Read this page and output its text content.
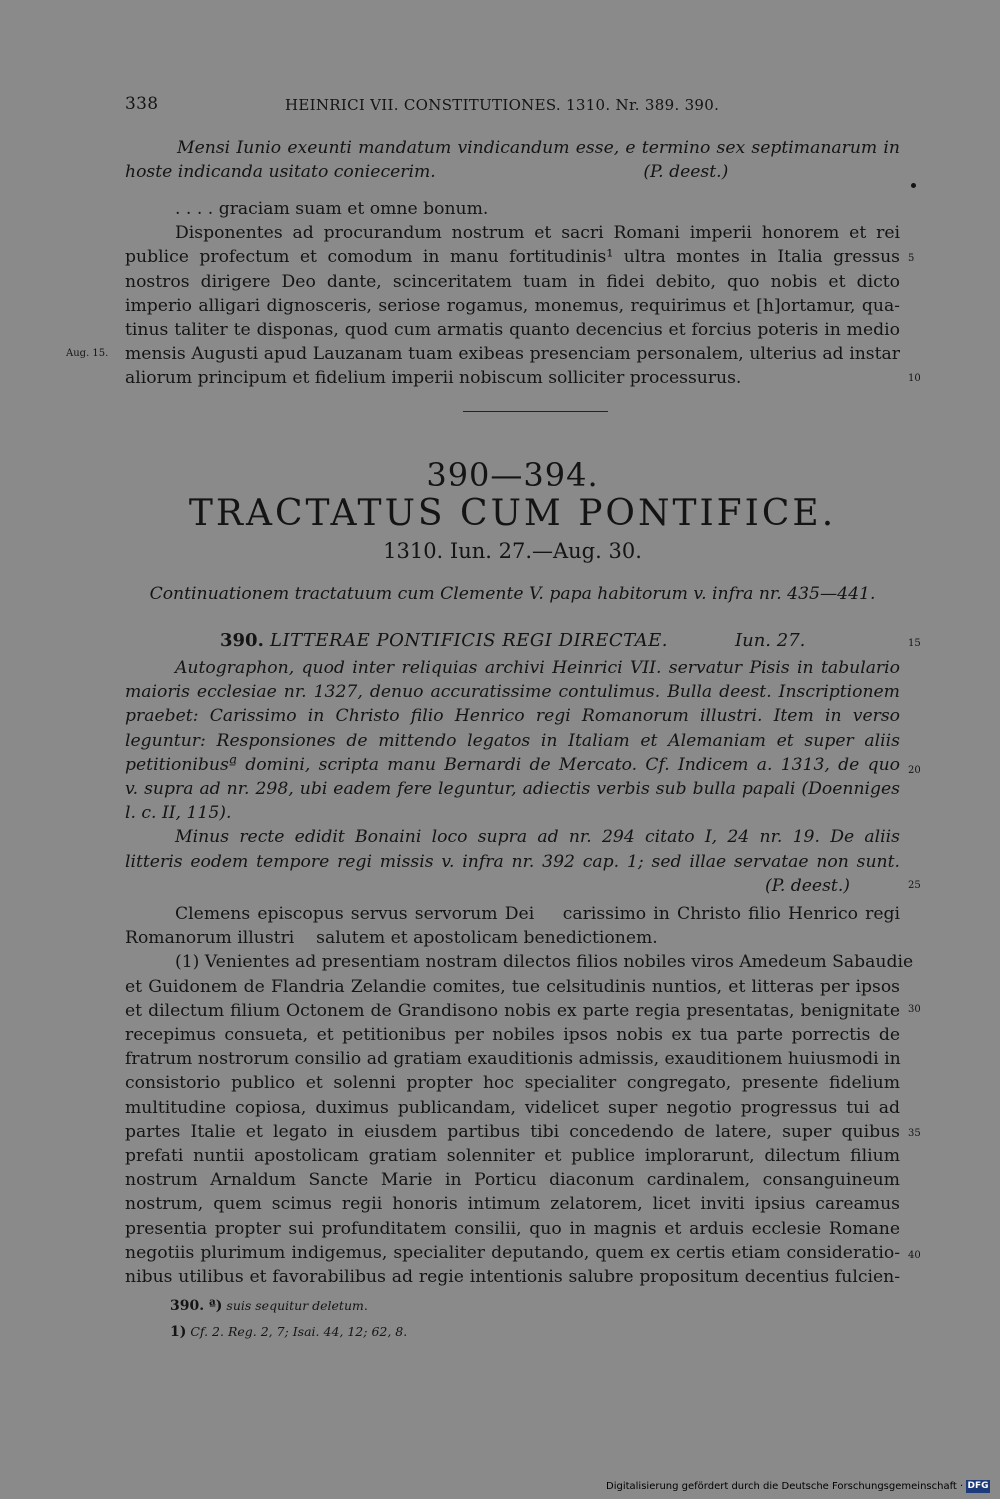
338	HEINRICI VII. CONSTITUTIONES. 1310. Nr. 389. 390.
Mensi Iunio exeunti mandatum vindicandum esse, e termino sex septimanarum in
hoste indicanda usitato coniecerim.                                      (P. deest.)
. . . . graciam suam et omne bonum.
Disponentes ad procurandum nostrum et sacri Romani imperii honorem et rei
publice profectum et comodum in manu fortitudinis¹ ultra montes in Italia gressus
nostros dirigere Deo dante, scinceritatem tuam in fidei debito, quo nobis et dicto
imperio alligari dignosceris, seriose rogamus, monemus, requirimus et [h]ortamur, qua-
tinus taliter te disponas, quod cum armatis quanto decencius et forcius poteris in medio
mensis Augusti apud Lauzanam tuam exibeas presenciam personalem, ulterius ad instar
aliorum principum et fidelium imperii nobiscum solliciter processurus.
Aug. 15.
5
10
390—394.
TRACTATUS CUM PONTIFICE.
1310. Iun. 27.—Aug. 30.
Continuationem tractatuum cum Clemente V. papa habitorum v. infra nr. 435—441.
390. LITTERAE PONTIFICIS REGI DIRECTAE.	Iun. 27.	15
Autographon, quod inter reliquias archivi Heinrici VII. servatur Pisis in tabulario
maioris ecclesiae nr. 1327, denuo accuratissime contulimus. Bulla deest. Inscriptionem
praebet: Carissimo in Christo filio Henrico regi Romanorum illustri. Item in verso
leguntur: Responsiones de mittendo legatos in Italiam et Alemaniam et super aliis
petitionibusª domini, scripta manu Bernardi de Mercato. Cf. Indicem a. 1313, de quo
v. supra ad nr. 298, ubi eadem fere leguntur, adiectis verbis sub bulla papali (Doenniges
l. c. II, 115).
Minus recte edidit Bonaini loco supra ad nr. 294 citato I, 24 nr. 19. De aliis
litteris eodem tempore regi missis v. infra nr. 392 cap. 1; sed illae servatae non sunt.
(P. deest.)
Clemens episcopus servus servorum Dei    carissimo in Christo filio Henrico regi
Romanorum illustri    salutem et apostolicam benedictionem.
(1) Venientes ad presentiam nostram dilectos filios nobiles viros Amedeum Sabaudie
et Guidonem de Flandria Zelandie comites, tue celsitudinis nuntios, et litteras per ipsos
et dilectum filium Octonem de Grandisono nobis ex parte regia presentatas, benignitate
recepimus consueta, et petitionibus per nobiles ipsos nobis ex tua parte porrectis de
fratrum nostrorum consilio ad gratiam exauditionis admissis, exauditionem huiusmodi in
consistorio publico et solenni propter hoc specialiter congregato, presente fidelium
multitudine copiosa, duximus publicandam, videlicet super negotio progressus tui ad
partes Italie et legato in eiusdem partibus tibi concedendo de latere, super quibus
prefati nuntii apostolicam gratiam solenniter et publice implorarunt, dilectum filium
nostrum Arnaldum Sancte Marie in Porticu diaconum cardinalem, consanguineum
nostrum, quem scimus regii honoris intimum zelatorem, licet inviti ipsius careamus
presentia propter sui profunditatem consilii, quo in magnis et arduis ecclesie Romane
negotiis plurimum indigemus, specialiter deputando, quem ex certis etiam consideratio-
nibus utilibus et favorabilibus ad regie intentionis salubre propositum decentius fulcien-
20
25
30
35
40
390. ª) suis sequitur deletum.
1) Cf. 2. Reg. 2, 7; Isai. 44, 12; 62, 8.
Digitalisierung gefördert durch die Deutsche Forschungsgemeinschaft · DFG
